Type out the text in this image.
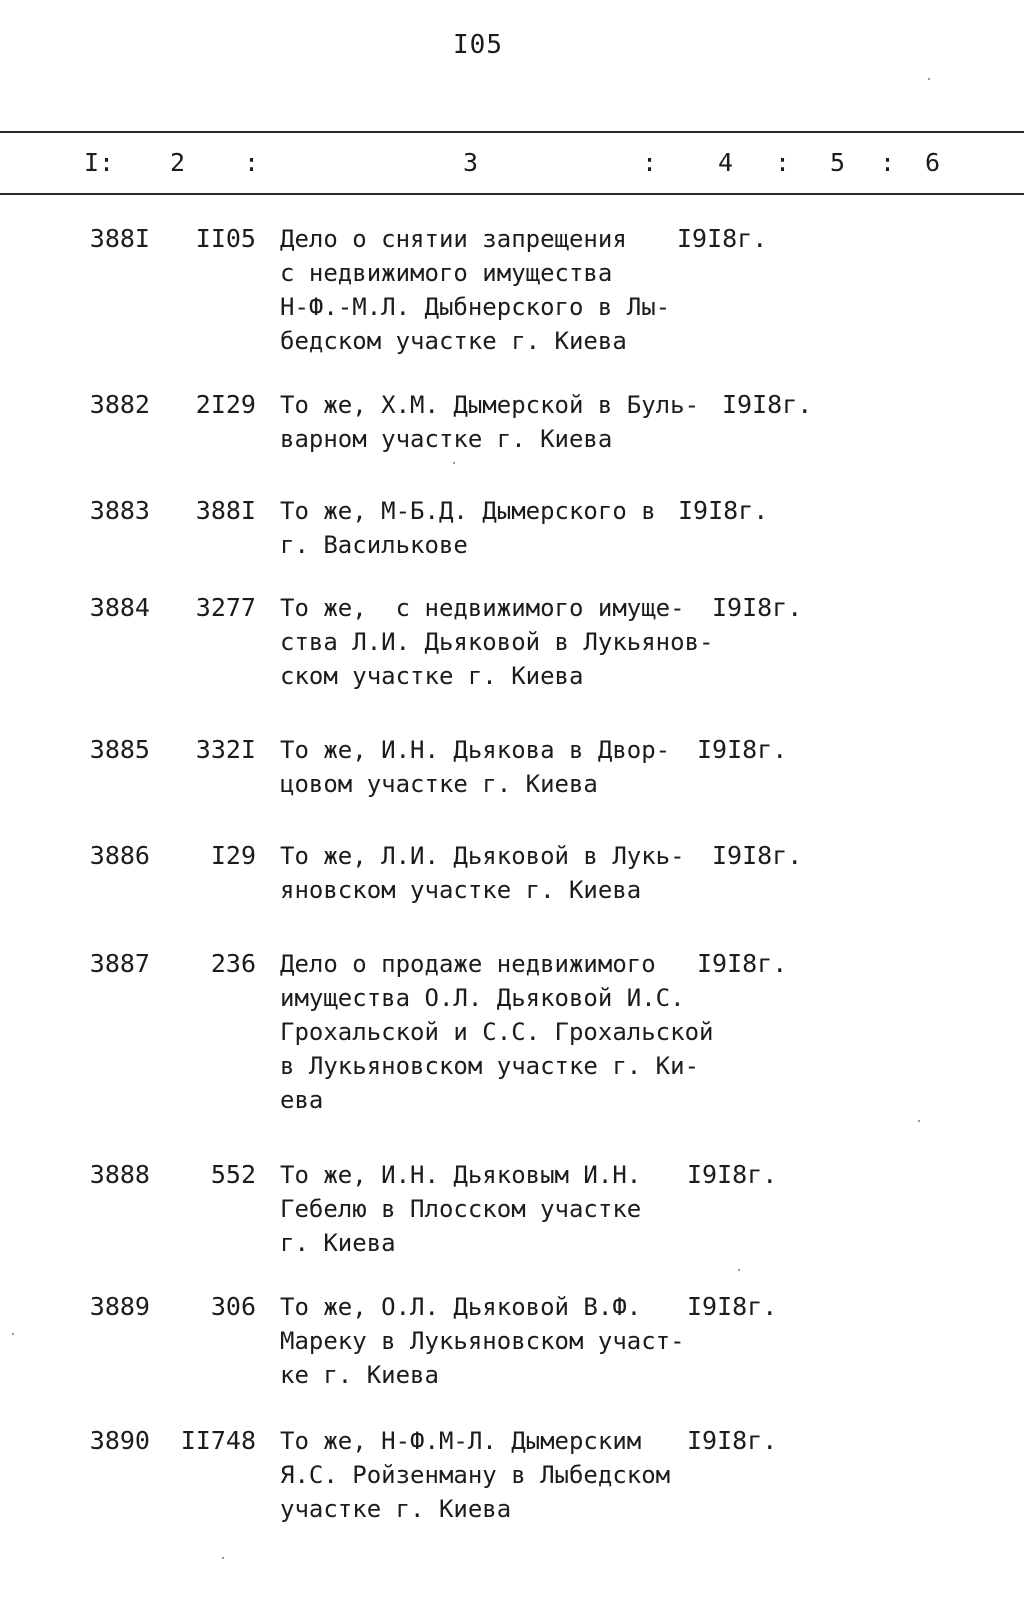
I05
I: 2 :	3	: 4 : 5 : 6
388I	II05 Дело о снятии запрещения
с недвижимого имущества
Н-Ф.-М.Л. Дыбнерского в Лы-
бедском участке г. Киева
I9I8г.
3882	2I29 То же, Х.М. Дымерской в Буль-
варном участке г. Киева
I9I8г.
3883	388I То же, М-Б.Д. Дымерского в
г. Василькове
I9I8г.
3884	3277 То же,  с недвижимого имуще-
ства Л.И. Дьяковой в Лукьянов-
ском участке г. Киева
I9I8г.
3885	332I То же, И.Н. Дьякова в Двор-
цовом участке г. Киева
I9I8г.
3886	I29 То же, Л.И. Дьяковой в Лукь-
яновском участке г. Киева
I9I8г.
3887	236 Дело о продаже недвижимого
имущества О.Л. Дьяковой И.С.
Грохальской и С.С. Грохальской
в Лукьяновском участке г. Ки-
ева
I9I8г.
3888	552 То же, И.Н. Дьяковым И.Н.
Гебелю в Плосском участке
г. Киева
I9I8г.
3889	306 То же, О.Л. Дьяковой В.Ф.
Мареку в Лукьяновском участ-
ке г. Киева
I9I8г.
3890	II748 То же, Н-Ф.М-Л. Дымерским
Я.С. Ройзенману в Лыбедском
участке г. Киева
I9I8г.
